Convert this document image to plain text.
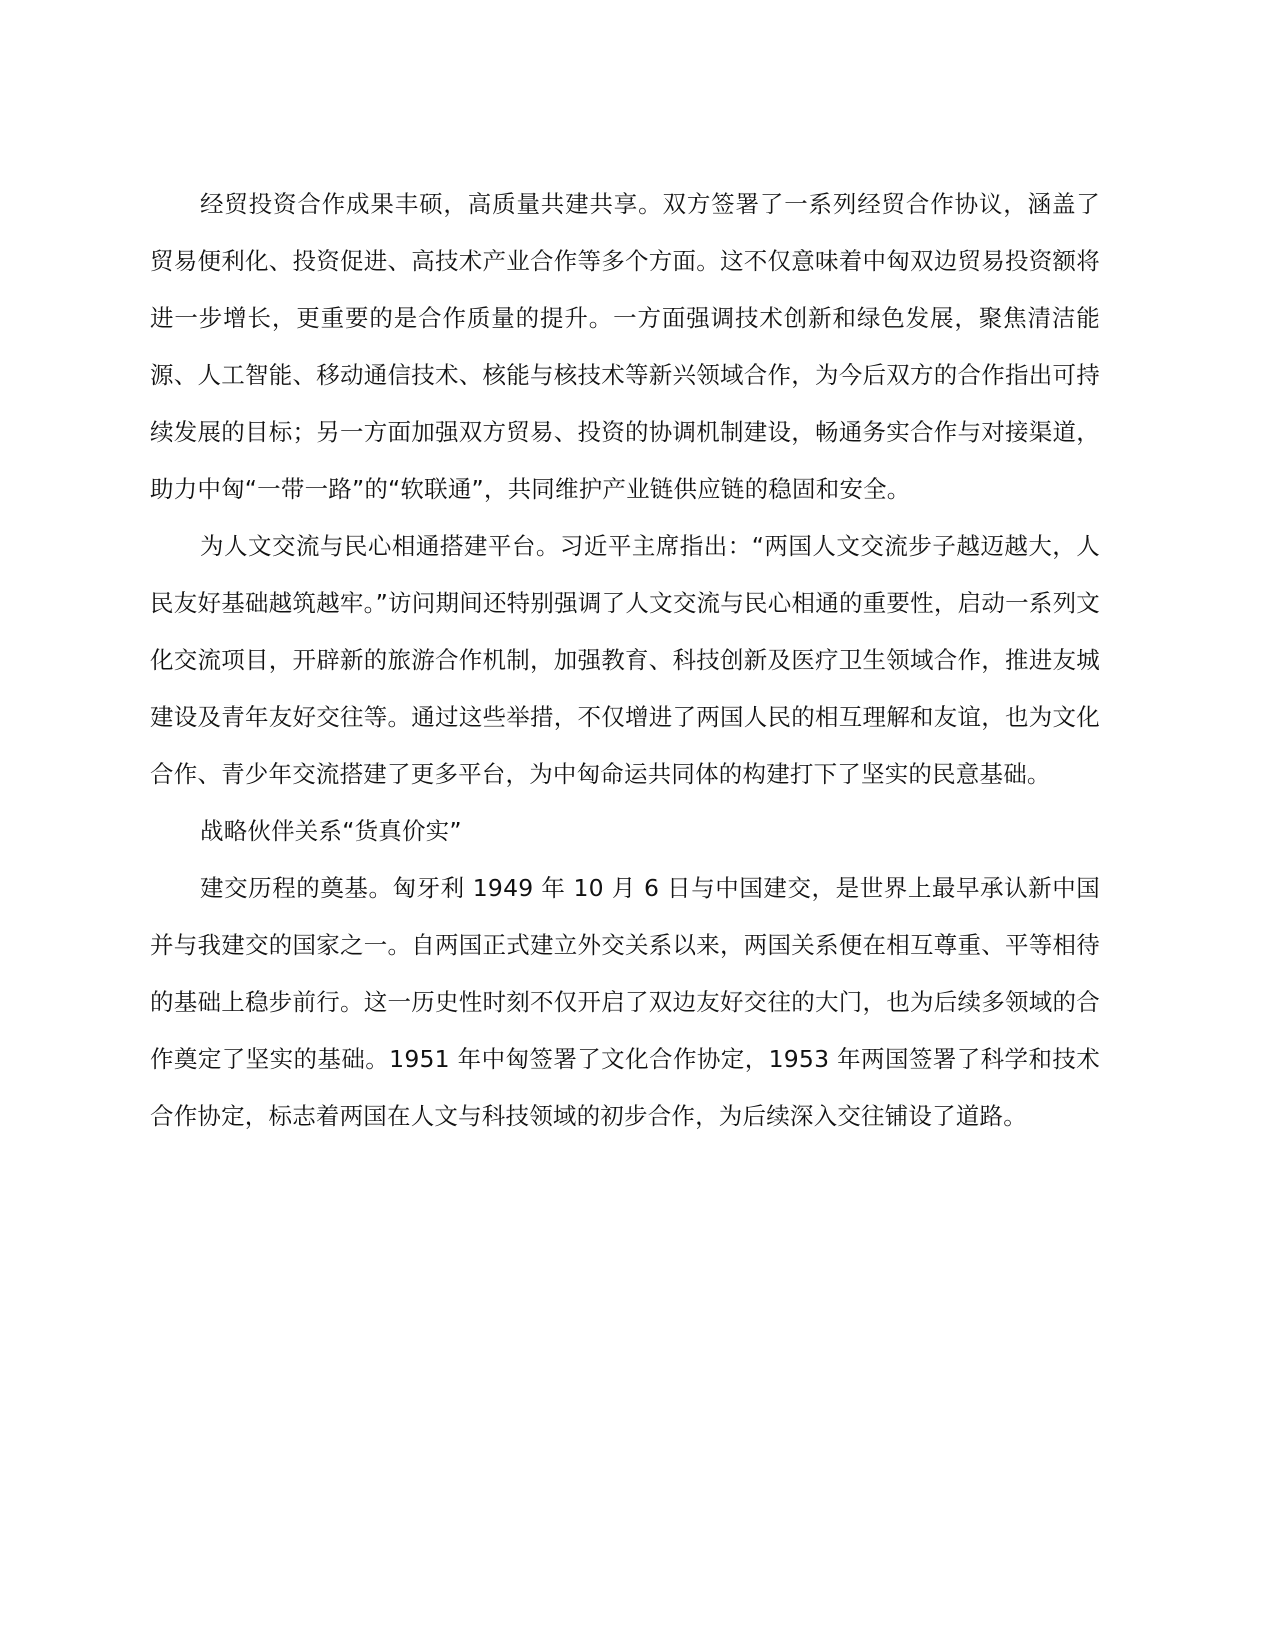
经贸投资合作成果丰硕，高质量共建共享。双方签署了一系列经贸合作协议，涵盖了贸易便利化、投资促进、高技术产业合作等多个方面。这不仅意味着中匈双边贸易投资额将进一步增长，更重要的是合作质量的提升。一方面强调技术创新和绿色发展，聚焦清洁能源、人工智能、移动通信技术、核能与核技术等新兴领域合作，为今后双方的合作指出可持续发展的目标；另一方面加强双方贸易、投资的协调机制建设，畅通务实合作与对接渠道，助力中匈“一带一路”的“软联通”，共同维护产业链供应链的稳固和安全。

为人文交流与民心相通搭建平台。习近平主席指出：“两国人文交流步子越迈越大，人民友好基础越筑越牢。”访问期间还特别强调了人文交流与民心相通的重要性，启动一系列文化交流项目，开辟新的旅游合作机制，加强教育、科技创新及医疗卫生领域合作，推进友城建设及青年友好交往等。通过这些举措，不仅增进了两国人民的相互理解和友谊，也为文化合作、青少年交流搭建了更多平台，为中匈命运共同体的构建打下了坚实的民意基础。

战略伙伴关系“货真价实”

建交历程的奠基。匈牙利 1949 年 10 月 6 日与中国建交，是世界上最早承认新中国并与我建交的国家之一。自两国正式建立外交关系以来，两国关系便在相互尊重、平等相待的基础上稳步前行。这一历史性时刻不仅开启了双边友好交往的大门，也为后续多领域的合作奠定了坚实的基础。1951 年中匈签署了文化合作协定，1953 年两国签署了科学和技术合作协定，标志着两国在人文与科技领域的初步合作，为后续深入交往铺设了道路。
